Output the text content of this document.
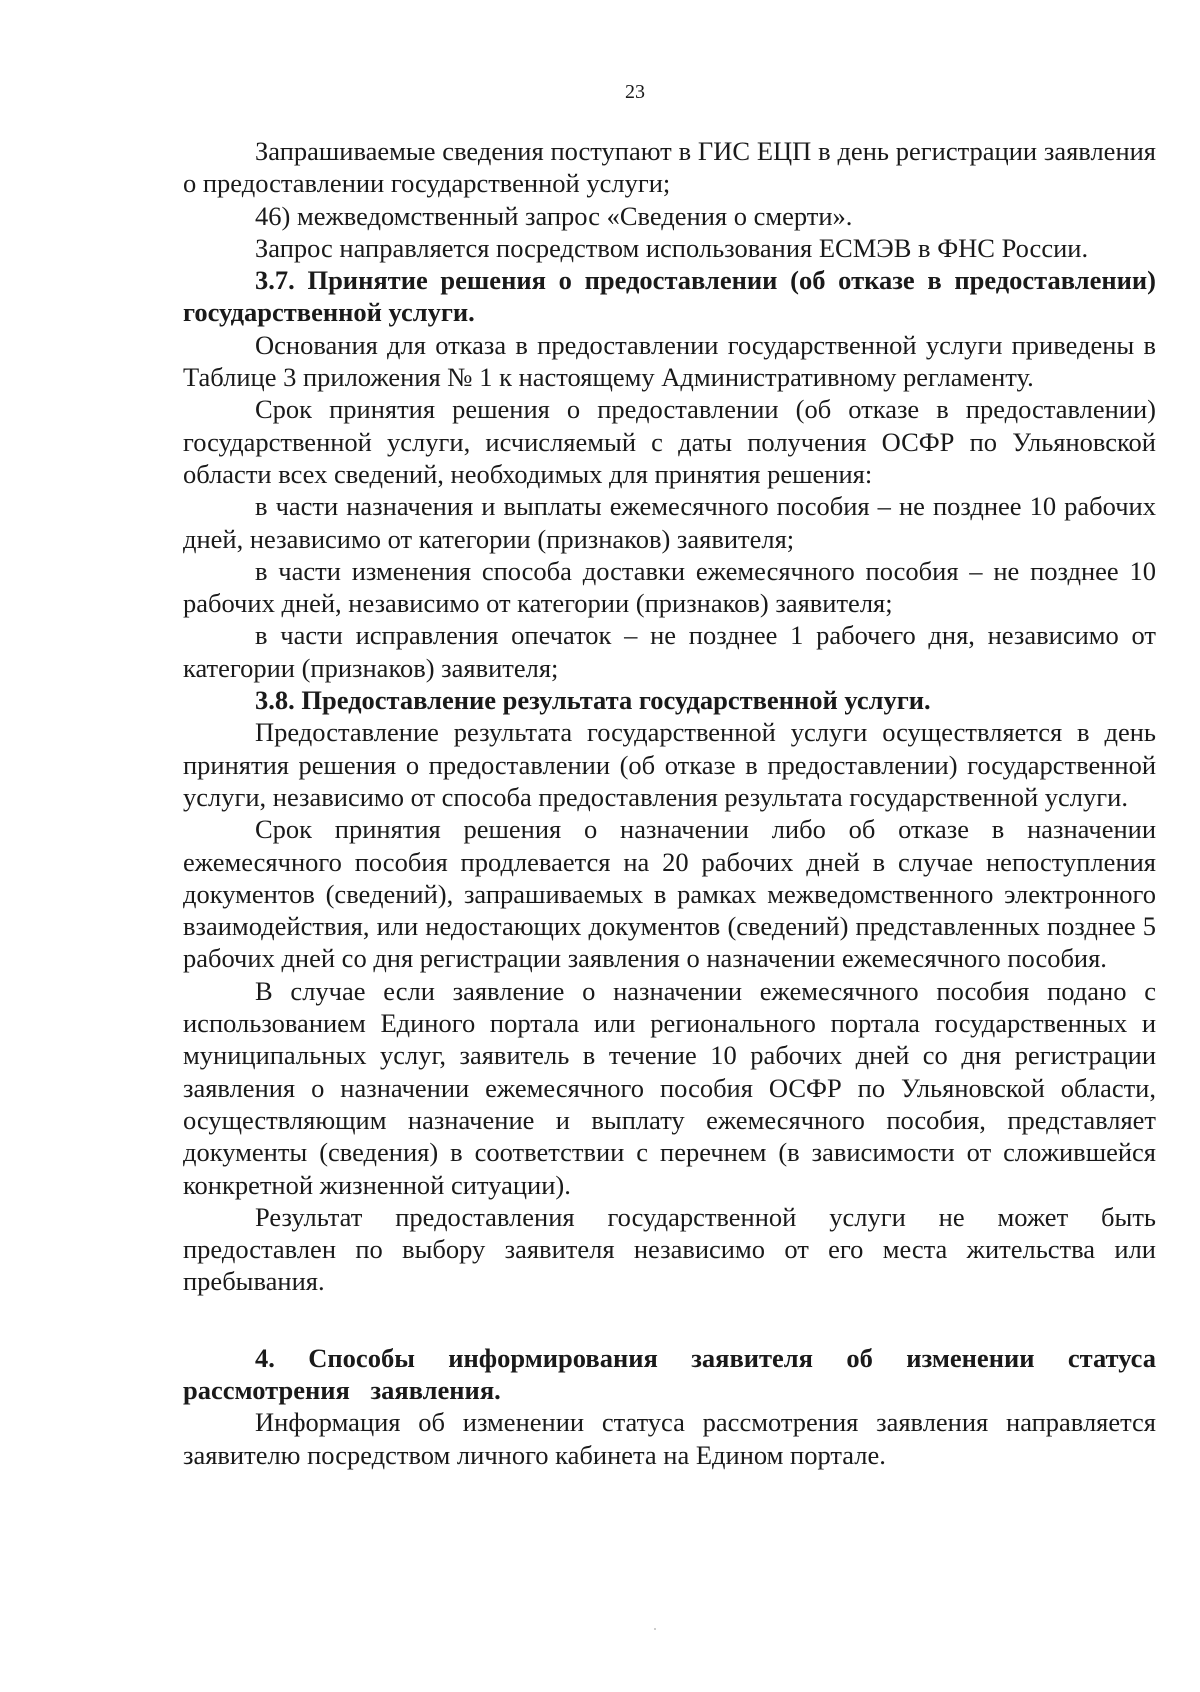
23

Запрашиваемые сведения поступают в ГИС ЕЦП в день регистрации заявления о предоставлении государственной услуги;

46) межведомственный запрос «Сведения о смерти».

Запрос направляется посредством использования ЕСМЭВ в ФНС России.

3.7. Принятие решения о предоставлении (об отказе в предоставлении) государственной услуги.

Основания для отказа в предоставлении государственной услуги приведены в Таблице 3 приложения № 1 к настоящему Административному регламенту.

Срок принятия решения о предоставлении (об отказе в предоставлении) государственной услуги, исчисляемый с даты получения ОСФР по Ульяновской области всех сведений, необходимых для принятия решения:

в части назначения и выплаты ежемесячного пособия – не позднее 10 рабочих дней, независимо от категории (признаков) заявителя;

в части изменения способа доставки ежемесячного пособия – не позднее 10 рабочих дней, независимо от категории (признаков) заявителя;

в части исправления опечаток – не позднее 1 рабочего дня, независимо от категории (признаков) заявителя;

3.8. Предоставление результата государственной услуги.

Предоставление результата государственной услуги осуществляется в день принятия решения о предоставлении (об отказе в предоставлении) государственной услуги, независимо от способа предоставления результата государственной услуги.

Срок принятия решения о назначении либо об отказе в назначении ежемесячного пособия продлевается на 20 рабочих дней в случае непоступления документов (сведений), запрашиваемых в рамках межведомственного электронного взаимодействия, или недостающих документов (сведений) представленных позднее 5 рабочих дней со дня регистрации заявления о назначении ежемесячного пособия.

В случае если заявление о назначении ежемесячного пособия подано с использованием Единого портала или регионального портала государственных и муниципальных услуг, заявитель в течение 10 рабочих дней со дня регистрации заявления о назначении ежемесячного пособия ОСФР по Ульяновской области, осуществляющим назначение и выплату ежемесячного пособия, представляет документы (сведения) в соответствии с перечнем (в зависимости от сложившейся конкретной жизненной ситуации).

Результат предоставления государственной услуги не может быть предоставлен по выбору заявителя независимо от его места жительства или пребывания.

4. Способы информирования заявителя об изменении статуса рассмотрения заявления.

Информация об изменении статуса рассмотрения заявления направляется заявителю посредством личного кабинета на Едином портале.
